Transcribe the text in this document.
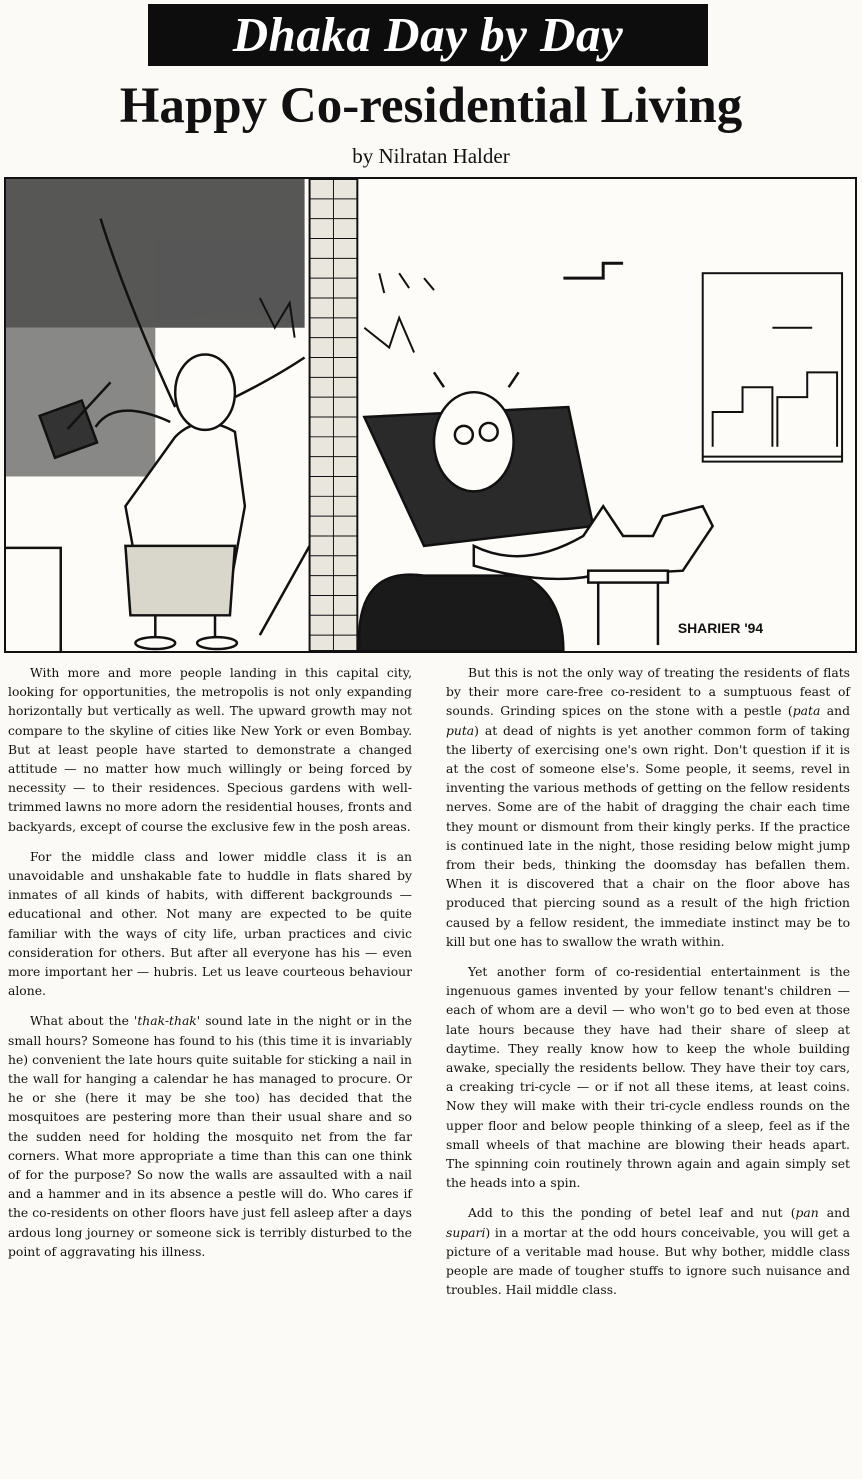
Dhaka Day by Day
Happy Co-residential Living
by Nilratan Halder
SHARIER '94

With more and more people landing in this capital city, looking for opportunities, the metropolis is not only expanding horizontally but vertically as well. The upward growth may not compare to the skyline of cities like New York or even Bombay. But at least people have started to demonstrate a changed attitude — no matter how much willingly or being forced by necessity — to their residences. Specious gardens with well-trimmed lawns no more adorn the residential houses, fronts and backyards, except of course the exclusive few in the posh areas.

For the middle class and lower middle class it is an unavoidable and unshakable fate to huddle in flats shared by inmates of all kinds of habits, with different backgrounds — educational and other. Not many are expected to be quite familiar with the ways of city life, urban practices and civic consideration for others. But after all everyone has his — even more important her — hubris. Let us leave courteous behaviour alone.

What about the 'thak-thak' sound late in the night or in the small hours? Someone has found to his (this time it is invariably he) convenient the late hours quite suitable for sticking a nail in the wall for hanging a calendar he has managed to procure. Or he or she (here it may be she too) has decided that the mosquitoes are pestering more than their usual share and so the sudden need for holding the mosquito net from the far corners. What more appropriate a time than this can one think of for the purpose? So now the walls are assaulted with a nail and a hammer and in its absence a pestle will do. Who cares if the co-residents on other floors have just fell asleep after a days ardous long journey or someone sick is terribly disturbed to the point of aggravating his illness.

But this is not the only way of treating the residents of flats by their more care-free co-resident to a sumptuous feast of sounds. Grinding spices on the stone with a pestle (pata and puta) at dead of nights is yet another common form of taking the liberty of exercising one's own right. Don't question if it is at the cost of someone else's. Some people, it seems, revel in inventing the various methods of getting on the fellow residents nerves. Some are of the habit of dragging the chair each time they mount or dismount from their kingly perks. If the practice is continued late in the night, those residing below might jump from their beds, thinking the doomsday has befallen them. When it is discovered that a chair on the floor above has produced that piercing sound as a result of the high friction caused by a fellow resident, the immediate instinct may be to kill but one has to swallow the wrath within.

Yet another form of co-residential entertainment is the ingenuous games invented by your fellow tenant's children — each of whom are a devil — who won't go to bed even at those late hours because they have had their share of sleep at daytime. They really know how to keep the whole building awake, specially the residents bellow. They have their toy cars, a creaking tri-cycle — or if not all these items, at least coins. Now they will make with their tri-cycle endless rounds on the upper floor and below people thinking of a sleep, feel as if the small wheels of that machine are blowing their heads apart. The spinning coin routinely thrown again and again simply set the heads into a spin.

Add to this the ponding of betel leaf and nut (pan and supari) in a mortar at the odd hours conceivable, you will get a picture of a veritable mad house. But why bother, middle class people are made of tougher stuffs to ignore such nuisance and troubles. Hail middle class.
